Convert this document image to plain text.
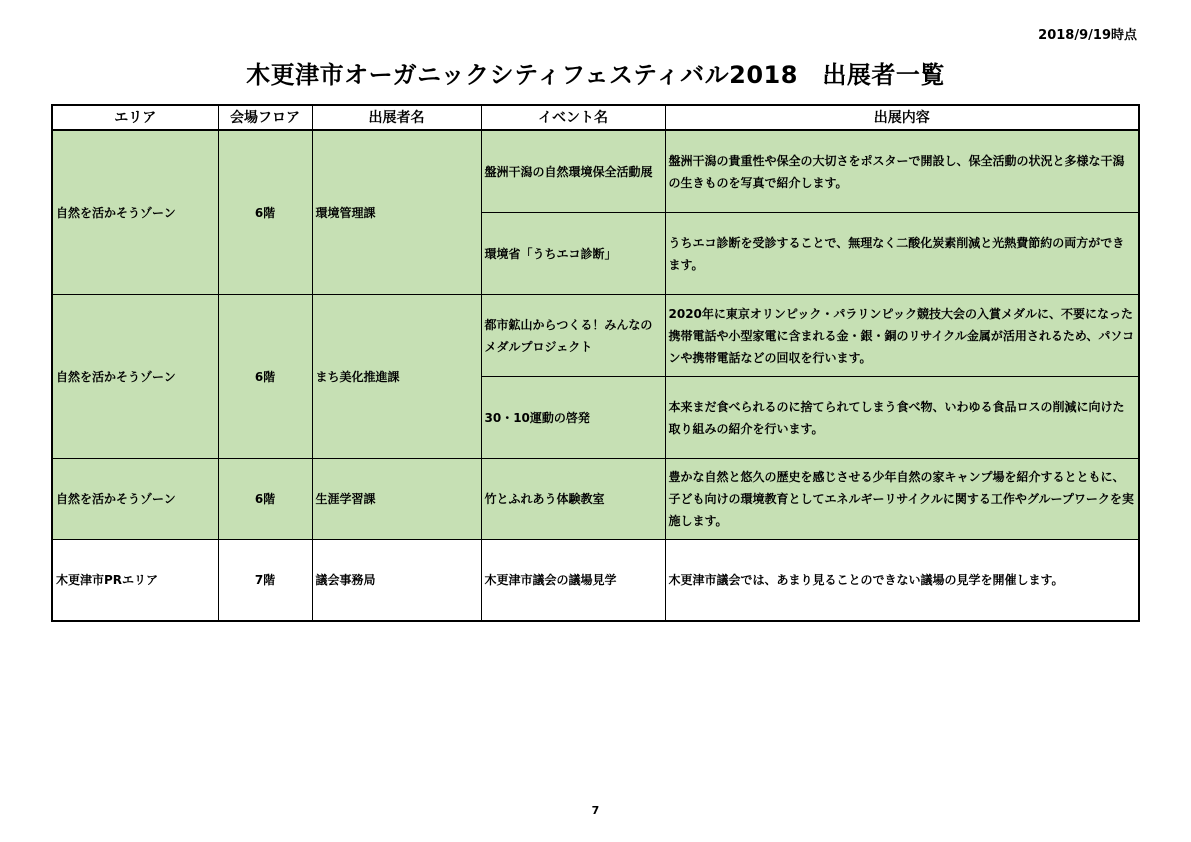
2018/9/19時点
木更津市オーガニックシティフェスティバル2018　出展者一覧
エリア	会場フロア	出展者名	イベント名	出展内容
自然を活かそうゾーン	6階	環境管理課	盤洲干潟の自然環境保全活動展	盤洲干潟の貴重性や保全の大切さをポスターで開設し、保全活動の状況と多様な干潟の生きものを写真で紹介します。
			環境省「うちエコ診断」	うちエコ診断を受診することで、無理なく二酸化炭素削減と光熱費節約の両方ができます。
自然を活かそうゾーン	6階	まち美化推進課	都市鉱山からつくる！みんなのメダルプロジェクト	2020年に東京オリンピック・パラリンピック競技大会の入賞メダルに、不要になった携帯電話や小型家電に含まれる金・銀・銅のリサイクル金属が活用されるため、パソコンや携帯電話などの回収を行います。
			30・10運動の啓発	本来まだ食べられるのに捨てられてしまう食べ物、いわゆる食品ロスの削減に向けた取り組みの紹介を行います。
自然を活かそうゾーン	6階	生涯学習課	竹とふれあう体験教室	豊かな自然と悠久の歴史を感じさせる少年自然の家キャンプ場を紹介するとともに、子ども向けの環境教育としてエネルギーリサイクルに関する工作やグループワークを実施します。
木更津市PRエリア	7階	議会事務局	木更津市議会の議場見学	木更津市議会では、あまり見ることのできない議場の見学を開催します。
7
